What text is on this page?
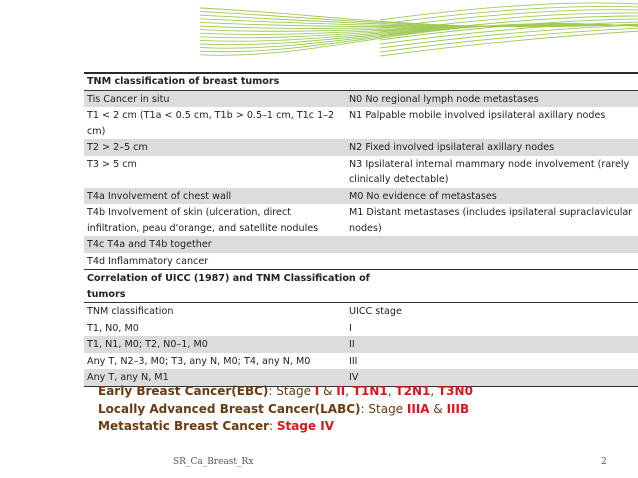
TNM classification of breast tumors	
Tis Cancer in situ	N0 No regional lymph node metastases
T1 < 2 cm (T1a < 0.5 cm, T1b > 0.5–1 cm, T1c 1–2 cm)	N1 Palpable mobile involved ipsilateral axillary nodes
T2 > 2–5 cm	N2 Fixed involved ipsilateral axillary nodes
T3 > 5 cm	N3 Ipsilateral internal mammary node involvement (rarely clinically detectable)
T4a Involvement of chest wall	M0 No evidence of metastases
T4b Involvement of skin (ulceration, direct infiltration, peau d'orange, and satellite nodules	M1 Distant metastases (includes ipsilateral supraclavicular nodes)
T4c T4a and T4b together	
T4d Inflammatory cancer	
Correlation of UICC (1987) and TNM Classification of tumors	
TNM classification	UICC stage
T1, N0, M0	I
T1, N1, M0; T2, N0–1, M0	II
Any T, N2–3, M0; T3, any N, M0; T4, any N, M0	III
Any T, any N, M1	IV
Early Breast Cancer(EBC): Stage I & II, T1N1, T2N1, T3N0
Locally Advanced Breast Cancer(LABC): Stage IIIA & IIIB
Metastatic Breast Cancer: Stage IV
SR_Ca_Breast_Rx	2
